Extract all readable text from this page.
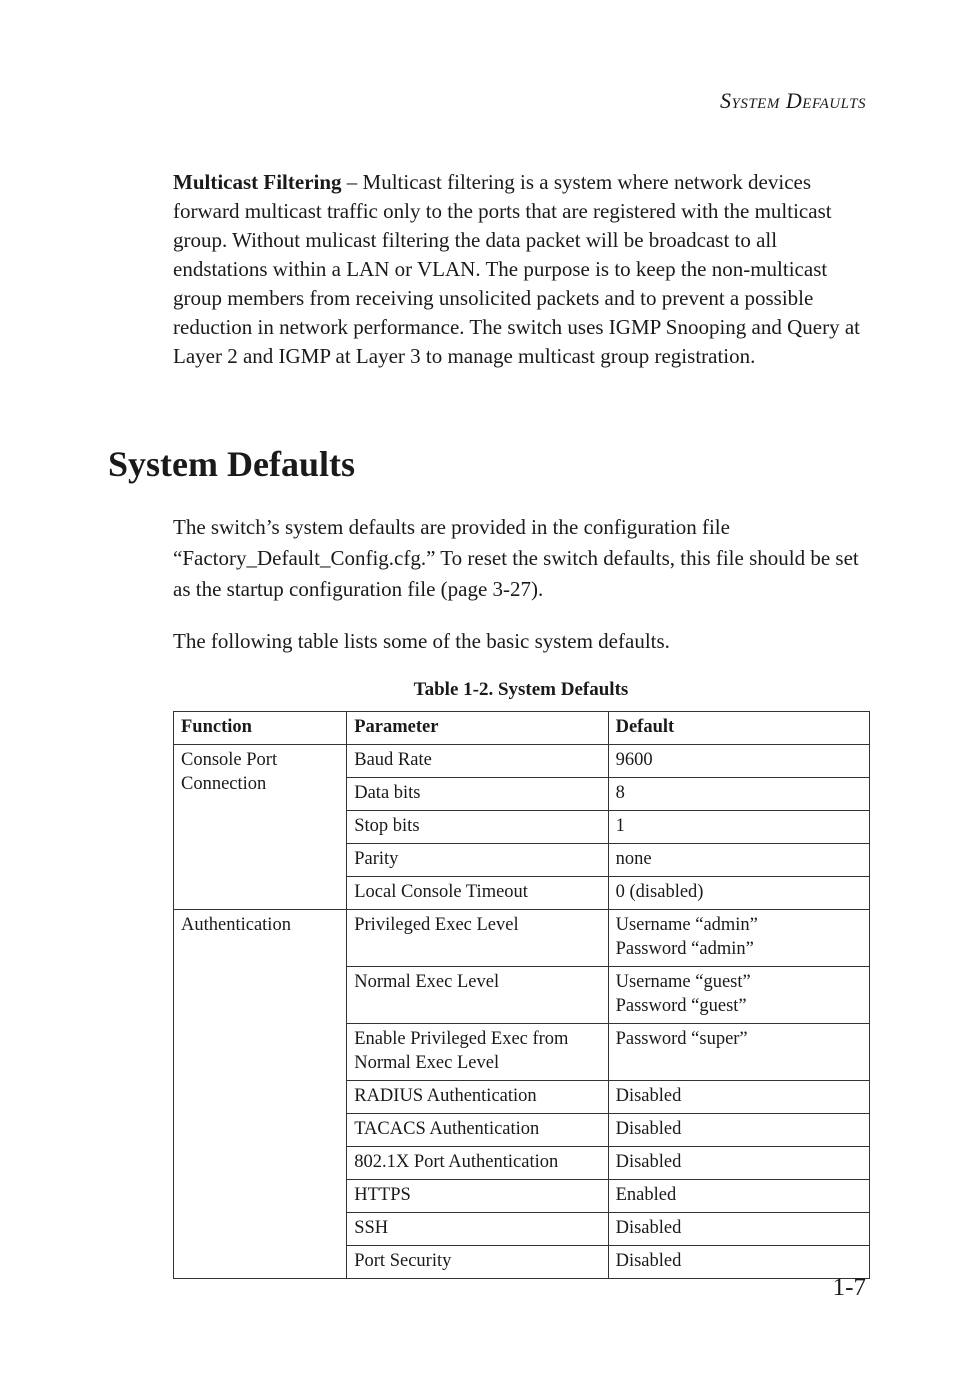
System Defaults

Multicast Filtering – Multicast filtering is a system where network devices forward multicast traffic only to the ports that are registered with the multicast group. Without mulicast filtering the data packet will be broadcast to all endstations within a LAN or VLAN. The purpose is to keep the non-multicast group members from receiving unsolicited packets and to prevent a possible reduction in network performance. The switch uses IGMP Snooping and Query at Layer 2 and IGMP at Layer 3 to manage multicast group registration.

System Defaults

The switch’s system defaults are provided in the configuration file “Factory_Default_Config.cfg.” To reset the switch defaults, this file should be set as the startup configuration file (page 3-27).

The following table lists some of the basic system defaults.

Table 1-2. System Defaults
Function	Parameter	Default

Console Port
Connection	Baud Rate	9600

	Data bits	8

	Stop bits	1

	Parity	none

	Local Console Timeout	0 (disabled)

Authentication	Privileged Exec Level	Username “admin”
Password “admin”

	Normal Exec Level	Username “guest”
Password “guest”

	Enable Privileged Exec from
Normal Exec Level	Password “super”

	RADIUS Authentication	Disabled

	TACACS Authentication	Disabled

	802.1X Port Authentication	Disabled

	HTTPS	Enabled

	SSH	Disabled

	Port Security	Disabled
1-7
